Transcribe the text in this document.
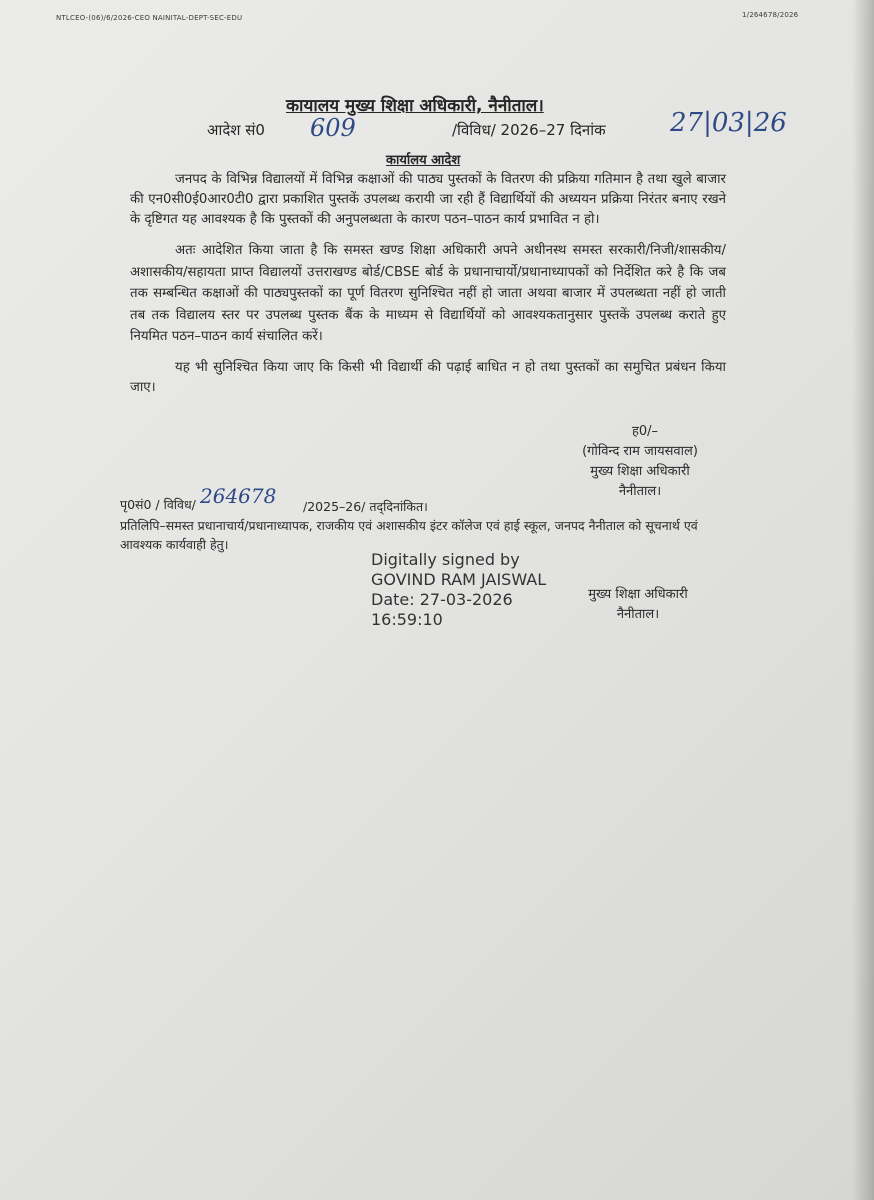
NTLCEO-(06)/6/2026-CEO NAINITAL-DEPT-SEC-EDU	1/264678/2026
कायालय मुख्य शिक्षा अधिकारी, नैनीताल।
आदेश सं0 609	/विविध/ 2026–27 दिनांक 27|03|26
कार्यालय आदेश
जनपद के विभिन्न विद्यालयों में विभिन्न कक्षाओं की पाठ्य पुस्तकों के वितरण की प्रक्रिया गतिमान है तथा खुले बाजार की एन0सी0ई0आर0टी0 द्वारा प्रकाशित पुस्तकें उपलब्ध करायी जा रही हैं विद्यार्थियों की अध्ययन प्रक्रिया निरंतर बनाए रखने के दृष्टिगत यह आवश्यक है कि पुस्तकों की अनुपलब्धता के कारण पठन–पाठन कार्य प्रभावित न हो।
अतः आदेशित किया जाता है कि समस्त खण्ड शिक्षा अधिकारी अपने अधीनस्थ समस्त सरकारी/निजी/शासकीय/अशासकीय/सहायता प्राप्त विद्यालयों उत्तराखण्ड बोर्ड/CBSE बोर्ड के प्रधानाचार्यो/प्रधानाध्यापकों को निर्देशित करे है कि जब तक सम्बन्धित कक्षाओं की पाठ्यपुस्तकों का पूर्ण वितरण सुनिश्चित नहीं हो जाता अथवा बाजार में उपलब्धता नहीं हो जाती तब तक विद्यालय स्तर पर उपलब्ध पुस्तक बैंक के माध्यम से विद्यार्थियों को आवश्यकतानुसार पुस्तकें उपलब्ध कराते हुए नियमित पठन–पाठन कार्य संचालित करें।
यह भी सुनिश्चित किया जाए कि किसी भी विद्यार्थी की पढ़ाई बाधित न हो तथा पुस्तकों का समुचित प्रबंधन किया जाए।
ह0/–
(गोविन्द राम जायसवाल)
मुख्य शिक्षा अधिकारी
नैनीताल।
पृ0सं0 / विविध/ 264678 /2025–26/ तद्‌दिनांकित।
प्रतिलिपि–समस्त प्रधानाचार्य/प्रधानाध्यापक, राजकीय एवं अशासकीय इंटर कॉलेज एवं हाई स्कूल, जनपद नैनीताल को सूचनार्थ एवं आवश्यक कार्यवाही हेतु।
Digitally signed by
GOVIND RAM JAISWAL
Date: 27-03-2026
16:59:10
मुख्य शिक्षा अधिकारी
नैनीताल।
